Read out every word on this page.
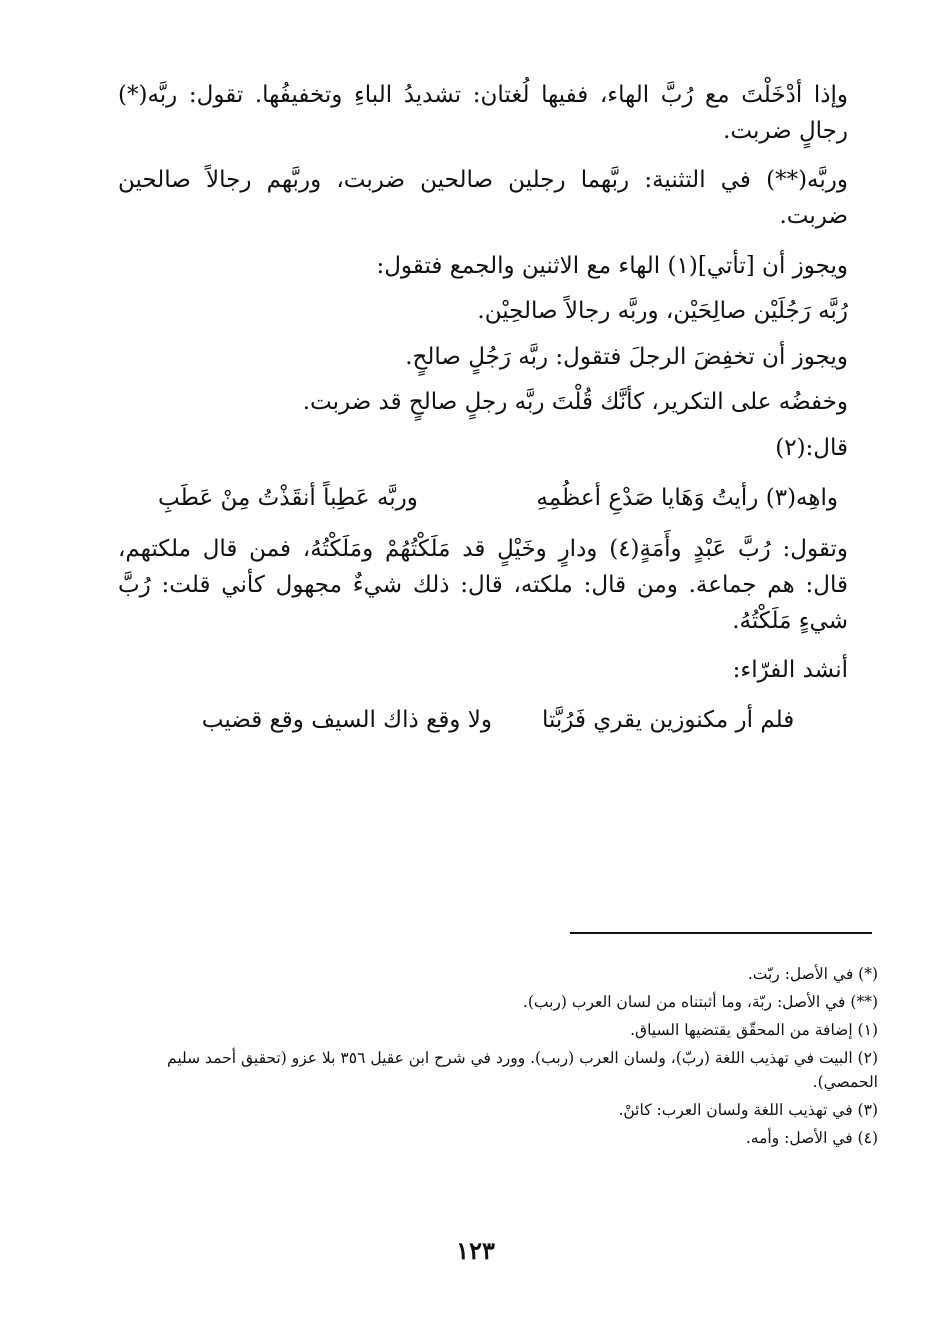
وإذا أدْخَلْتَ مع رُبَّ الهاء، ففيها لُغتان: تشديدُ الباءِ وتخفيفُها. تقول: ربَّه(*) رجالٍ ضربت.

وربَّه(**) في التثنية: ربَّهما رجلين صالحين ضربت، وربَّهم رجالاً صالحين ضربت.

ويجوز أن [تأتي](١) الهاء مع الاثنين والجمع فتقول:

رُبَّه رَجُلَيْن صالِحَيْن، وربَّه رجالاً صالحِيْن.

ويجوز أن تخفِضَ الرجلَ فتقول: ربَّه رَجُلٍ صالحٍ.

وخفضُه على التكرير، كأنَّك قُلْتَ ربَّه رجلٍ صالحٍ قد ضربت.

قال:(٢)

واهِه(٣) رأيتُ وَهَايا صَدْعِ أعظُمِهِ
وربَّه عَطِباً أنقَذْتُ مِنْ عَطَبِ

وتقول: رُبَّ عَبْدٍ وأَمَةٍ(٤) ودارٍ وخَيْلٍ قد مَلَكْتُهُمْ ومَلَكْتُهُ، فمن قال ملكتهم، قال: هم جماعة. ومن قال: ملكته، قال: ذلك شيءٌ مجهول كأني قلت: رُبَّ شيءٍ مَلَكْتُهُ.

أنشد الفرّاء:

فلم أر مكنوزين يقري فَرُبَّتا
ولا وقع ذاك السيف وقع قضيب

(*) في الأصل: ربّت.

(**) في الأصل: ربّة، وما أثبتناه من لسان العرب (ربب).

(١) إضافة من المحقّق يقتضيها السياق.

(٢) البيت في تهذيب اللغة (ربّ)، ولسان العرب (ربب). وورد في شرح ابن عقيل ٣٥٦ بلا عزو (تحقيق أحمد سليم الحمصي).

(٣) في تهذيب اللغة ولسان العرب: كائنْ.

(٤) في الأصل: وأمه.

١٢٣
